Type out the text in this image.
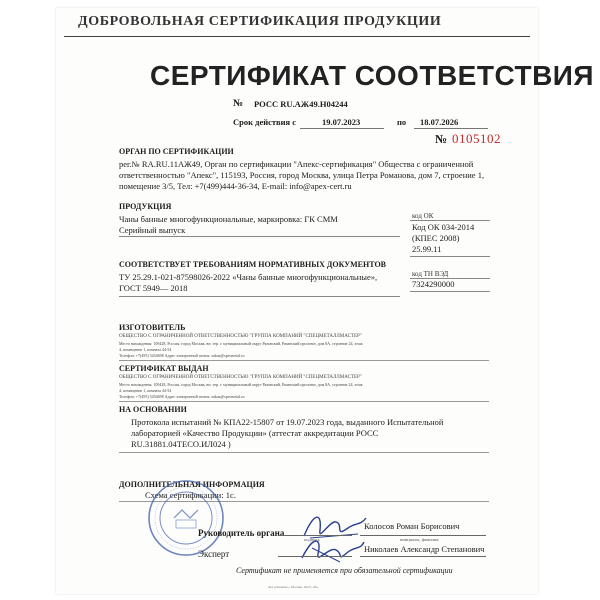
ДОБРОВОЛЬНАЯ СЕРТИФИКАЦИЯ ПРОДУКЦИИ
СЕРТИФИКАТ СООТВЕТСТВИЯ
№ РОСС RU.АЖ49.Н04244
Срок действия с	19.07.2023	по 18.07.2026
№ 0105102
ОРГАН ПО СЕРТИФИКАЦИИ
рег.№ RA.RU.11АЖ49, Орган по сертификации "Апекс-сертификация" Общества с ограниченной
ответственностью "Апекс", 115193, Россия, город Москва, улица Петра Романова, дом 7, строение 1,
помещение 3/5, Тел: +7(499)444-36-34, E-mail: info@apex-cert.ru
ПРОДУКЦИЯ
Чаны банные многофункциональные, маркировка: ГК СММ
Серийный выпуск
код ОК
Код ОК 034-2014
(КПЕС 2008)
25.99.11
СООТВЕТСТВУЕТ ТРЕБОВАНИЯМ НОРМАТИВНЫХ ДОКУМЕНТОВ
ТУ 25.29.1-021-87598026-2022 «Чаны банные многофункциональные»,
ГОСТ 5949— 2018
код ТН ВЭД
7324290000
ИЗГОТОВИТЕЛЬ
ОБЩЕСТВО С ОГРАНИЧЕННОЙ ОТВЕТСТВЕННОСТЬЮ "ГРУППА КОМПАНИЙ "СПЕЦМЕТАЛЛМАСТЕР"
Место нахождения: 109428, Россия, город Москва, вн. тер. г. муниципальный округ Рязанский, Рязанский проспект, дом 8А, строение 24, этаж
4, помещение 1, комната 44-54
Телефон: +7(495) 5454698 Адрес электронной почты: zakaz@specmetal.ru
СЕРТИФИКАТ ВЫДАН
ОБЩЕСТВО С ОГРАНИЧЕННОЙ ОТВЕТСТВЕННОСТЬЮ "ГРУППА КОМПАНИЙ "СПЕЦМЕТАЛЛМАСТЕР"
Место нахождения: 109428, Россия, город Москва, вн. тер. г. муниципальный округ Рязанский, Рязанский проспект, дом 8А, строение 24, этаж
4, помещение 1, комната 44-54
Телефон: +7(495) 5454698 Адрес электронной почты: zakaz@specmetal.ru
НА ОСНОВАНИИ
Протокола испытаний № КПА22-15807 от 19.07.2023 года, выданного Испытательной
лабораторией «Качество Продукции» (аттестат аккредитации РОСС
RU.31881.04ТЕСО.ИЛ024 )
ДОПОЛНИТЕЛЬНАЯ ИНФОРМАЦИЯ
Схема сертификации: 1с.
Руководитель органа
Колосов Роман Борисович
подпись	инициалы, фамилия
Эксперт	Николаев Александр Степанович
Сертификат не применяется при обязательной сертификации
АО «Опцион», Москва, 2023, «В»
